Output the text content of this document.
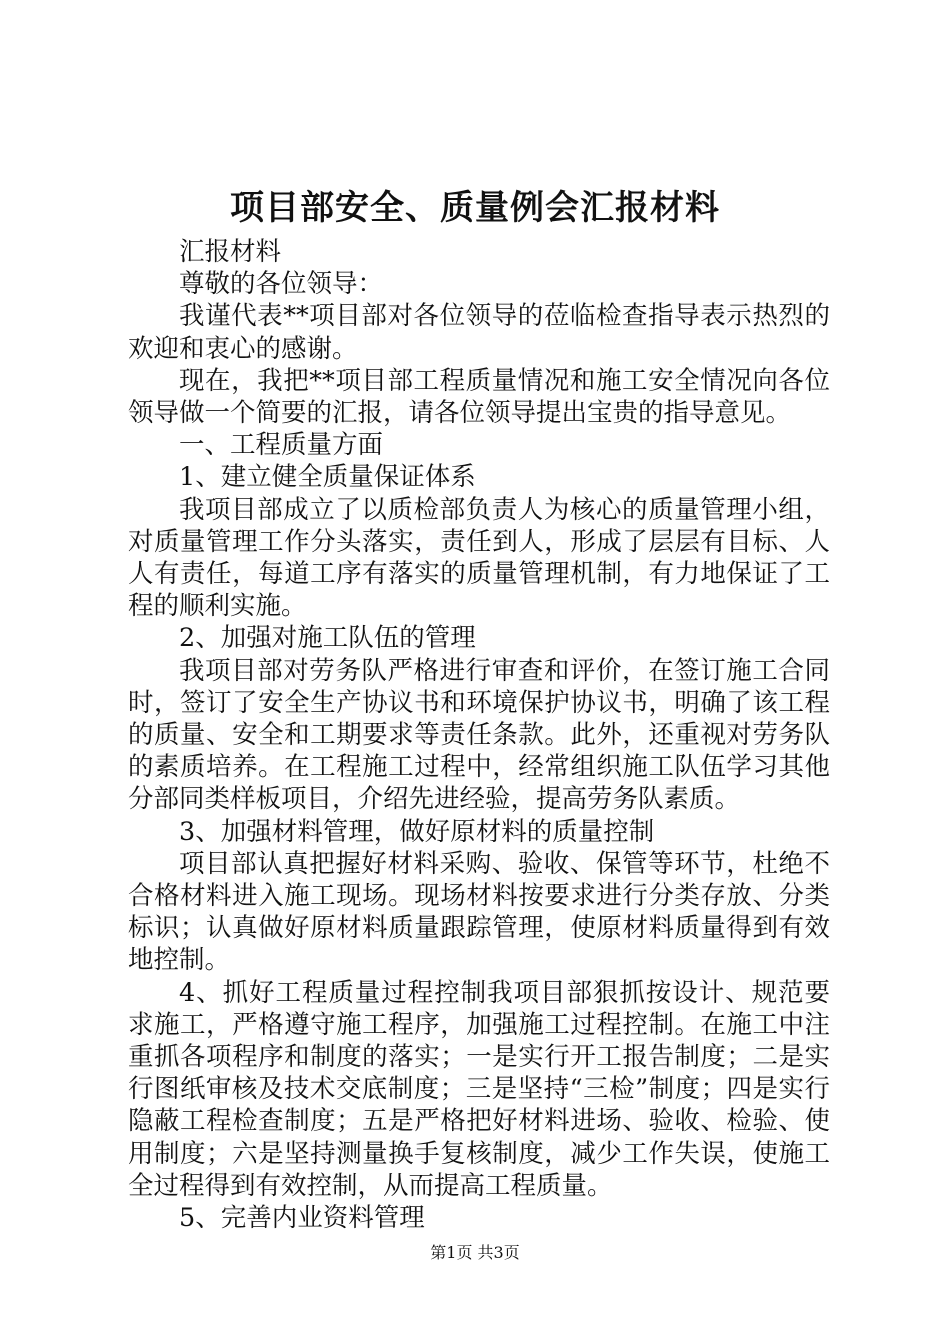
项目部安全、质量例会汇报材料

汇报材料

尊敬的各位领导：

我谨代表**项目部对各位领导的莅临检查指导表示热烈的欢迎和衷心的感谢。

现在，我把**项目部工程质量情况和施工安全情况向各位领导做一个简要的汇报，请各位领导提出宝贵的指导意见。

一、工程质量方面

1、建立健全质量保证体系

我项目部成立了以质检部负责人为核心的质量管理小组，对质量管理工作分头落实，责任到人，形成了层层有目标、人人有责任，每道工序有落实的质量管理机制，有力地保证了工程的顺利实施。

2、加强对施工队伍的管理

我项目部对劳务队严格进行审查和评价，在签订施工合同时，签订了安全生产协议书和环境保护协议书，明确了该工程的质量、安全和工期要求等责任条款。此外，还重视对劳务队的素质培养。在工程施工过程中，经常组织施工队伍学习其他分部同类样板项目，介绍先进经验，提高劳务队素质。

3、加强材料管理，做好原材料的质量控制

项目部认真把握好材料采购、验收、保管等环节，杜绝不合格材料进入施工现场。现场材料按要求进行分类存放、分类标识；认真做好原材料质量跟踪管理，使原材料质量得到有效地控制。

4、抓好工程质量过程控制我项目部狠抓按设计、规范要求施工，严格遵守施工程序，加强施工过程控制。在施工中注重抓各项程序和制度的落实；一是实行开工报告制度；二是实行图纸审核及技术交底制度；三是坚持“三检”制度；四是实行隐蔽工程检查制度；五是严格把好材料进场、验收、检验、使用制度；六是坚持测量换手复核制度，减少工作失误，使施工全过程得到有效控制，从而提高工程质量。

5、完善内业资料管理

第1页 共3页
